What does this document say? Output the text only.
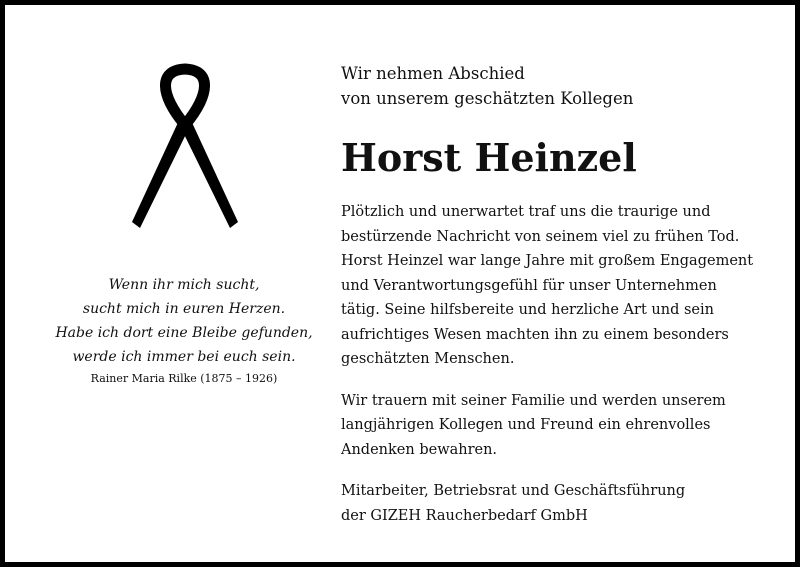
Wenn ihr mich sucht,
sucht mich in euren Herzen.
Habe ich dort eine Bleibe gefunden,
werde ich immer bei euch sein.
Rainer Maria Rilke (1875 – 1926)
Wir nehmen Abschied
von unserem geschätzten Kollegen
Horst Heinzel
Plötzlich und unerwartet traf uns die traurige und
bestürzende Nachricht von seinem viel zu frühen Tod.
Horst Heinzel war lange Jahre mit großem Engagement
und Verantwortungsgefühl für unser Unternehmen
tätig. Seine hilfsbereite und herzliche Art und sein
aufrichtiges Wesen machten ihn zu einem besonders
geschätzten Menschen.
Wir trauern mit seiner Familie und werden unserem
langjährigen Kollegen und Freund ein ehrenvolles
Andenken bewahren.
Mitarbeiter, Betriebsrat und Geschäftsführung
der GIZEH Raucherbedarf GmbH
